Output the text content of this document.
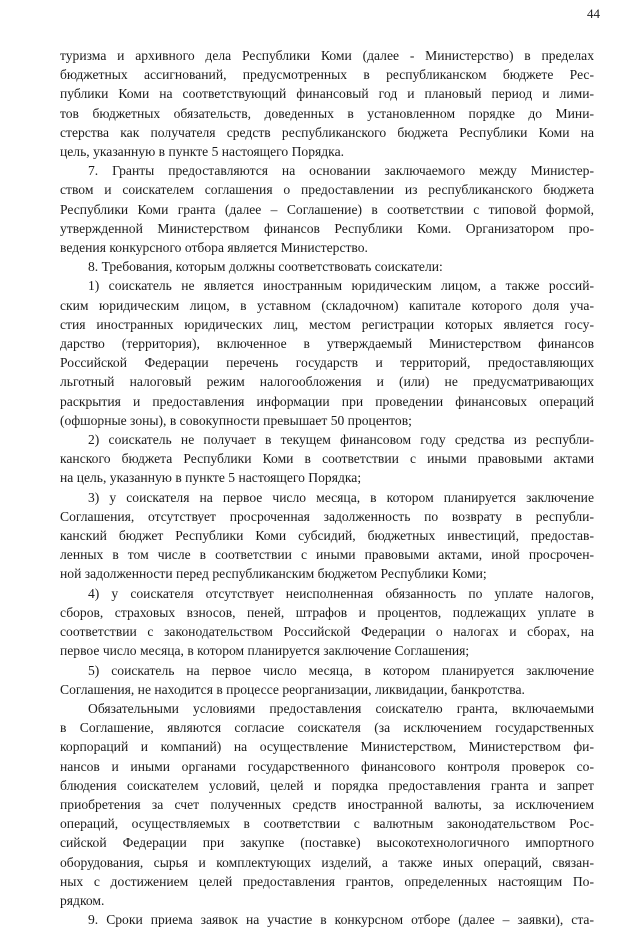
44

туризма и архивного дела Республики Коми (далее - Министерство) в пределах
бюджетных ассигнований, предусмотренных в республиканском бюджете Рес-
публики Коми на соответствующий финансовый год и плановый период и лими-
тов бюджетных обязательств, доведенных в установленном порядке до Мини-
стерства как получателя средств республиканского бюджета Республики Коми на
цель, указанную в пункте 5 настоящего Порядка.

7. Гранты предоставляются на основании заключаемого между Министер-
ством и соискателем соглашения о предоставлении из республиканского бюджета
Республики Коми гранта (далее – Соглашение) в соответствии с типовой формой,
утвержденной Министерством финансов Республики Коми. Организатором про-
ведения конкурсного отбора является Министерство.

8. Требования, которым должны соответствовать соискатели:

1) соискатель не является иностранным юридическим лицом, а также россий-
ским юридическим лицом, в уставном (складочном) капитале которого доля уча-
стия иностранных юридических лиц, местом регистрации которых является госу-
дарство (территория), включенное в утверждаемый Министерством финансов
Российской Федерации перечень государств и территорий, предоставляющих
льготный налоговый режим налогообложения и (или) не предусматривающих
раскрытия и предоставления информации при проведении финансовых операций
(офшорные зоны), в совокупности превышает 50 процентов;

2) соискатель не получает в текущем финансовом году средства из республи-
канского бюджета Республики Коми в соответствии с иными правовыми актами
на цель, указанную в пункте 5 настоящего Порядка;

3) у соискателя на первое число месяца, в котором планируется заключение
Соглашения, отсутствует просроченная задолженность по возврату в республи-
канский бюджет Республики Коми субсидий, бюджетных инвестиций, предостав-
ленных в том числе в соответствии с иными правовыми актами, иной просрочен-
ной задолженности перед республиканским бюджетом Республики Коми;

4) у соискателя отсутствует неисполненная обязанность по уплате налогов,
сборов, страховых взносов, пеней, штрафов и процентов, подлежащих уплате в
соответствии с законодательством Российской Федерации о налогах и сборах, на
первое число месяца, в котором планируется заключение Соглашения;

5) соискатель на первое число месяца, в котором планируется заключение
Соглашения, не находится в процессе реорганизации, ликвидации, банкротства.

Обязательными условиями предоставления соискателю гранта, включаемыми
в Соглашение, являются согласие соискателя (за исключением государственных
корпораций и компаний) на осуществление Министерством, Министерством фи-
нансов и иными органами государственного финансового контроля проверок со-
блюдения соискателем условий, целей и порядка предоставления гранта и запрет
приобретения за счет полученных средств иностранной валюты, за исключением
операций, осуществляемых в соответствии с валютным законодательством Рос-
сийской Федерации при закупке (поставке) высокотехнологичного импортного
оборудования, сырья и комплектующих изделий, а также иных операций, связан-
ных с достижением целей предоставления грантов, определенных настоящим По-
рядком.

9. Сроки приема заявок на участие в конкурсном отборе (далее – заявки), ста-
